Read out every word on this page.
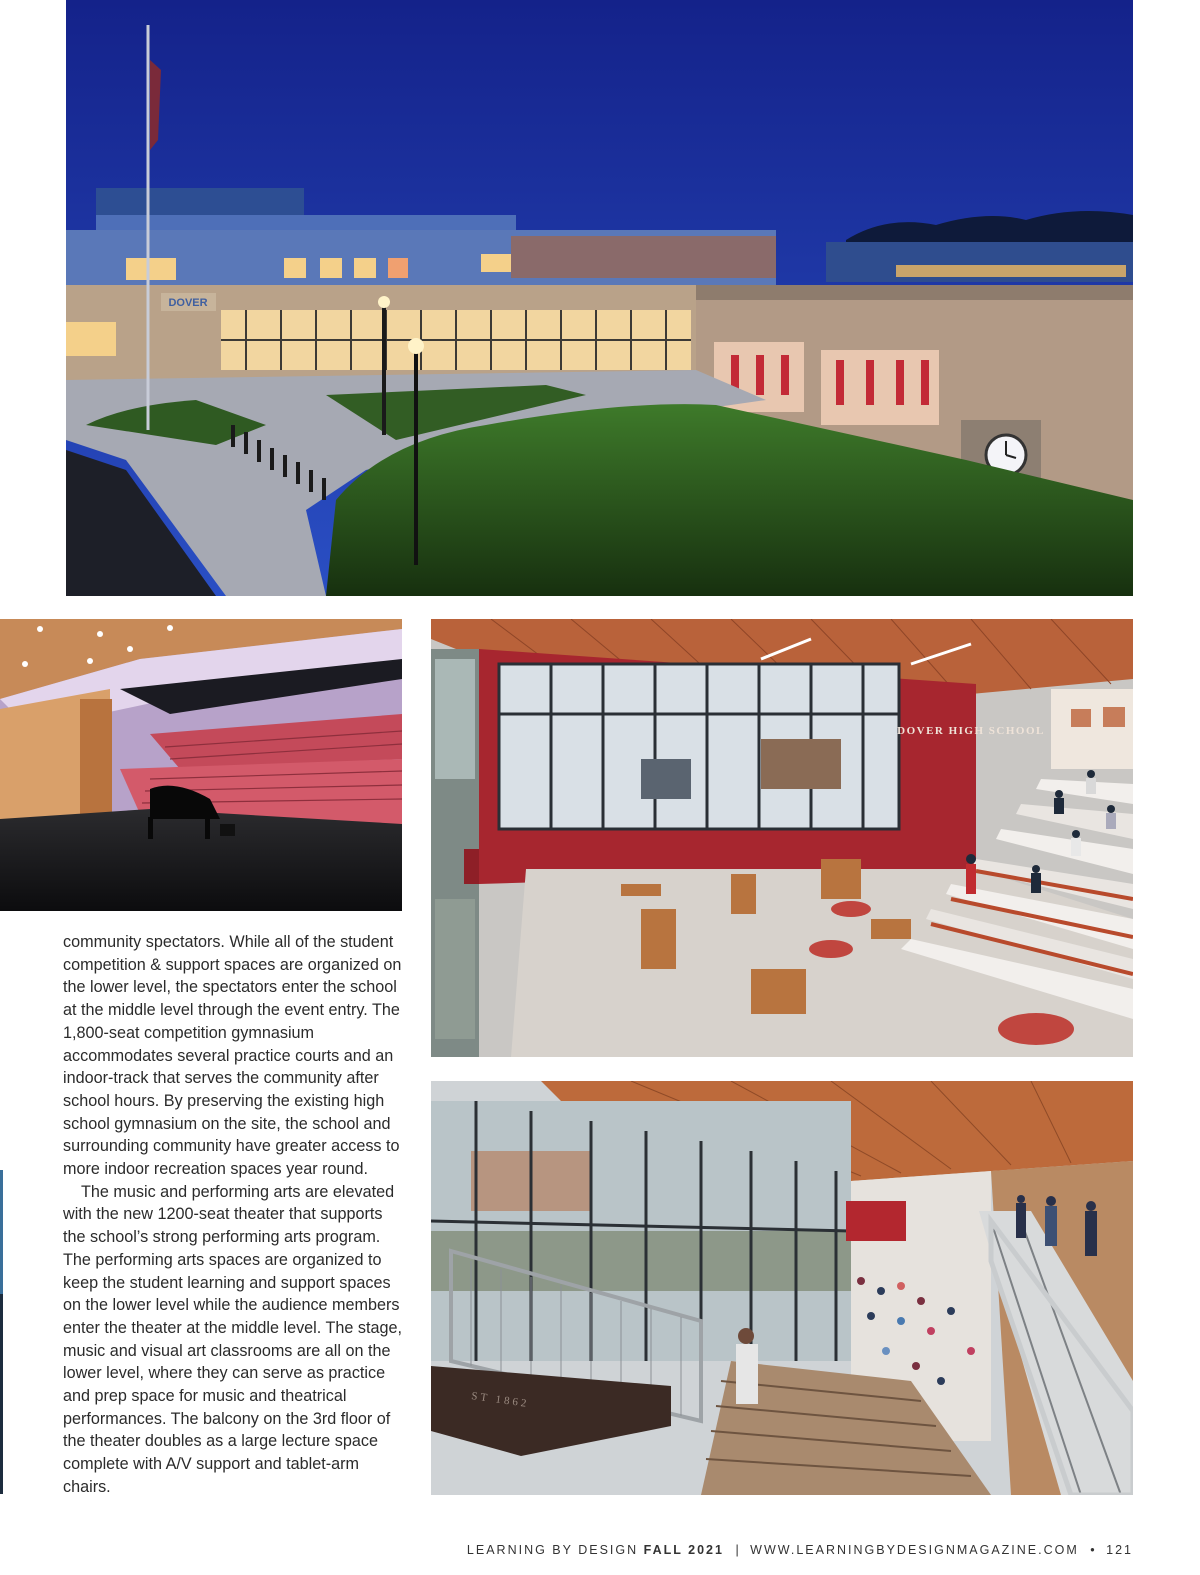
DOVER
DOVER HIGH SCHOOL
ST 1862

community spectators. While all of the student competition & support spaces are organized on the lower level, the spectators enter the school at the middle level through the event entry. The 1,800-seat competition gymnasium accommodates several practice courts and an indoor-track that serves the community after school hours. By preserving the existing high school gymnasium on the site, the school and surrounding community have greater access to more indoor recreation spaces year round.

The music and performing arts are elevated with the new 1200-seat theater that supports the school’s strong performing arts program. The performing arts spaces are organized to keep the student learning and support spaces on the lower level while the audience members enter the theater at the middle level. The stage, music and visual art classrooms are all on the lower level, where they can serve as practice and prep space for music and theatrical performances. The balcony on the 3rd floor of the theater doubles as a large lecture space complete with A/V support and tablet-arm chairs.

LEARNING BY DESIGN FALL 2021 | WWW.LEARNINGBYDESIGNMAGAZINE.COM • 121
